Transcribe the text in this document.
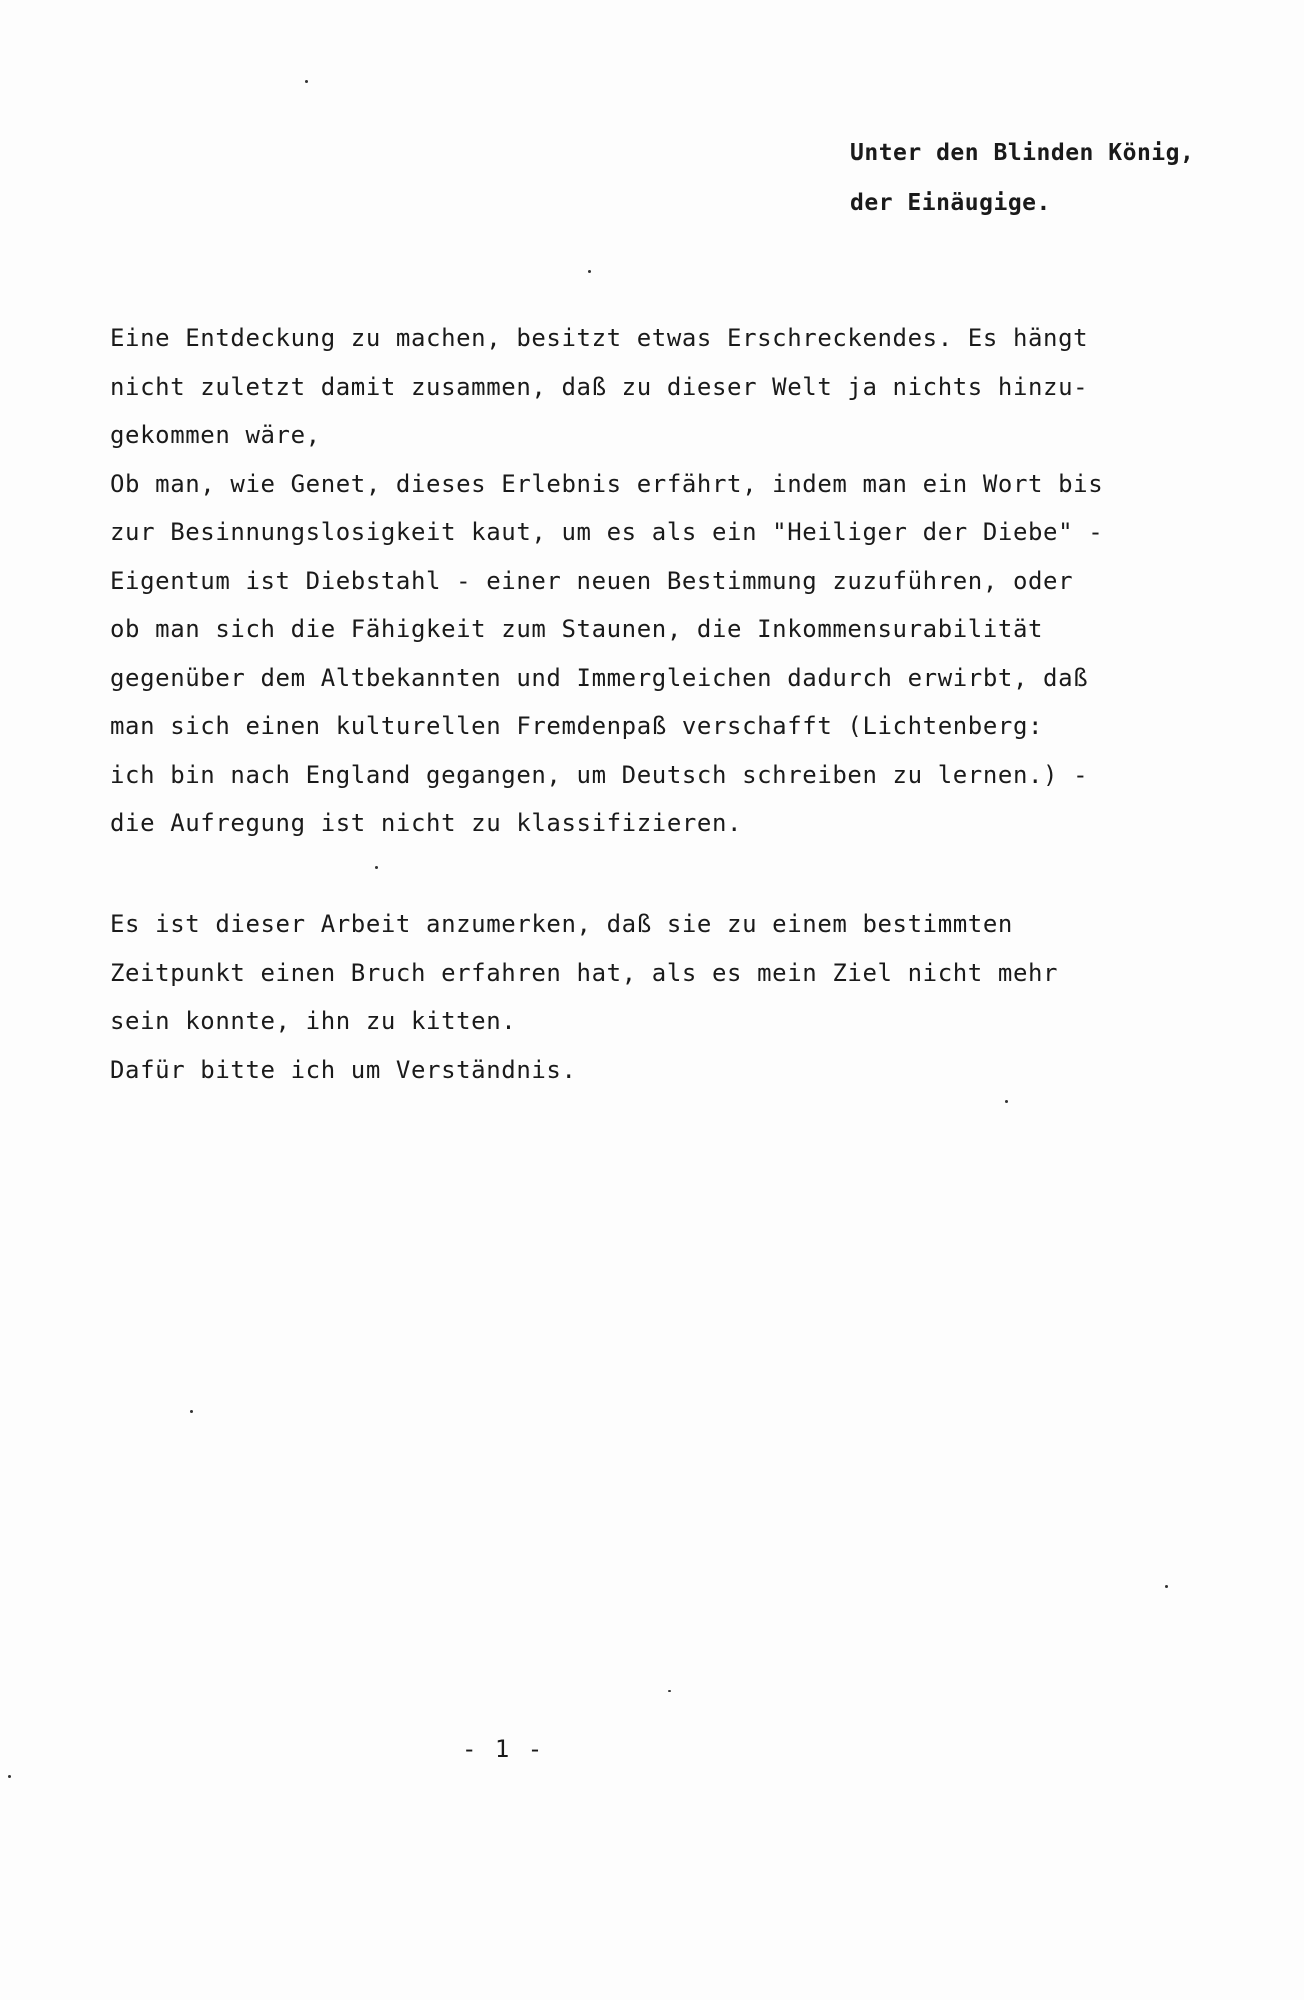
Unter den Blinden König,
der Einäugige.
Eine Entdeckung zu machen, besitzt etwas Erschreckendes. Es hängt
nicht zuletzt damit zusammen, daß zu dieser Welt ja nichts hinzu-
gekommen wäre,
Ob man, wie Genet, dieses Erlebnis erfährt, indem man ein Wort bis
zur Besinnungslosigkeit kaut, um es als ein "Heiliger der Diebe" -
Eigentum ist Diebstahl - einer neuen Bestimmung zuzuführen, oder
ob man sich die Fähigkeit zum Staunen, die Inkommensurabilität
gegenüber dem Altbekannten und Immergleichen dadurch erwirbt, daß
man sich einen kulturellen Fremdenpaß verschafft (Lichtenberg:
ich bin nach England gegangen, um Deutsch schreiben zu lernen.) -
die Aufregung ist nicht zu klassifizieren.
Es ist dieser Arbeit anzumerken, daß sie zu einem bestimmten
Zeitpunkt einen Bruch erfahren hat, als es mein Ziel nicht mehr
sein konnte, ihn zu kitten.
Dafür bitte ich um Verständnis.
- 1 -
